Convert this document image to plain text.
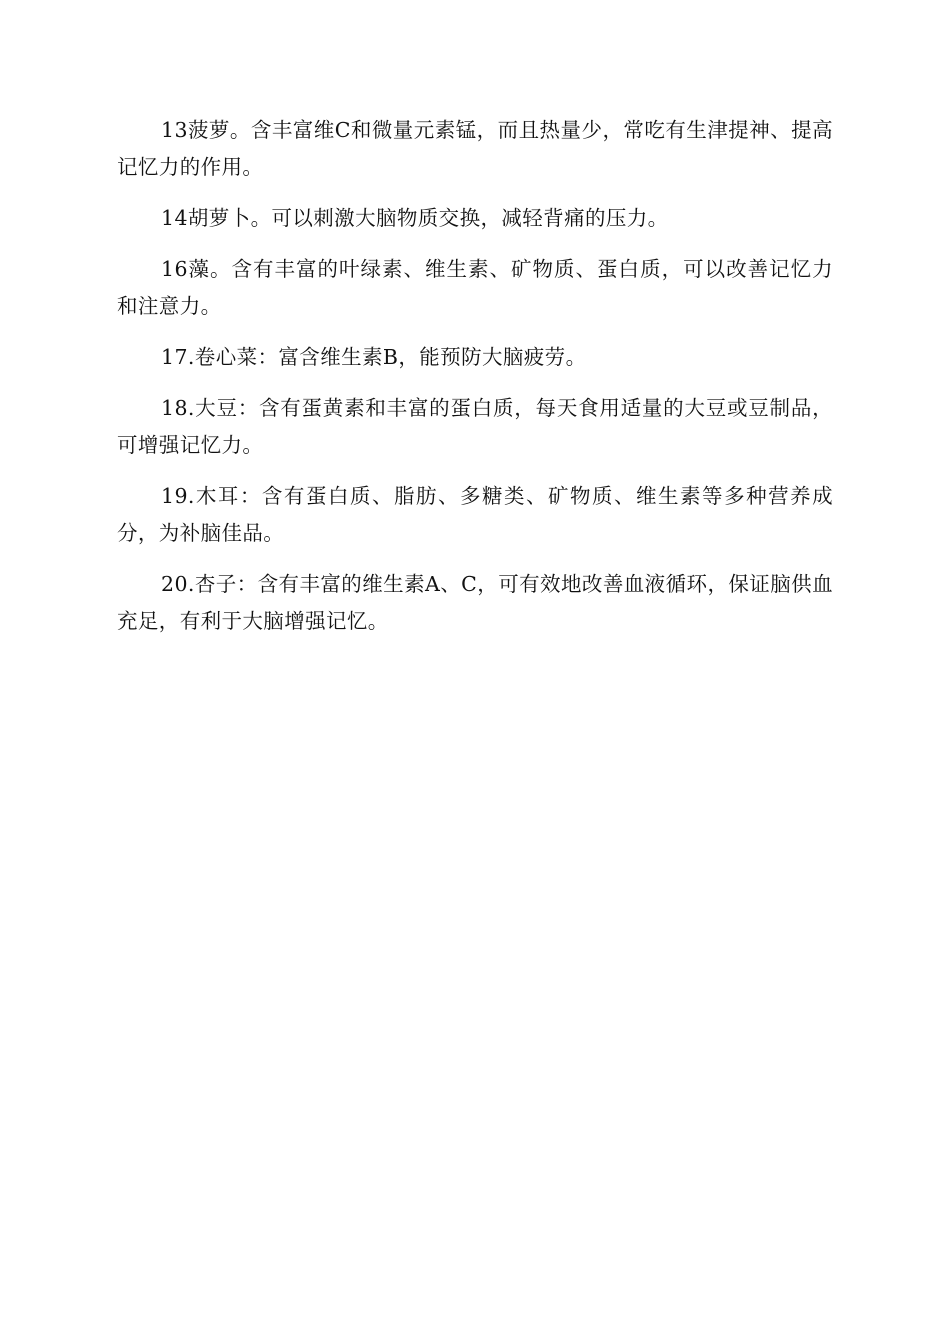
13菠萝。含丰富维C和微量元素锰，而且热量少，常吃有生津提神、提高记忆力的作用。

14胡萝卜。可以刺激大脑物质交换，减轻背痛的压力。

16藻。含有丰富的叶绿素、维生素、矿物质、蛋白质，可以改善记忆力和注意力。

17.卷心菜：富含维生素B，能预防大脑疲劳。

18.大豆：含有蛋黄素和丰富的蛋白质，每天食用适量的大豆或豆制品，可增强记忆力。

19.木耳：含有蛋白质、脂肪、多糖类、矿物质、维生素等多种营养成分，为补脑佳品。

20.杏子：含有丰富的维生素A、C，可有效地改善血液循环，保证脑供血充足，有利于大脑增强记忆。
